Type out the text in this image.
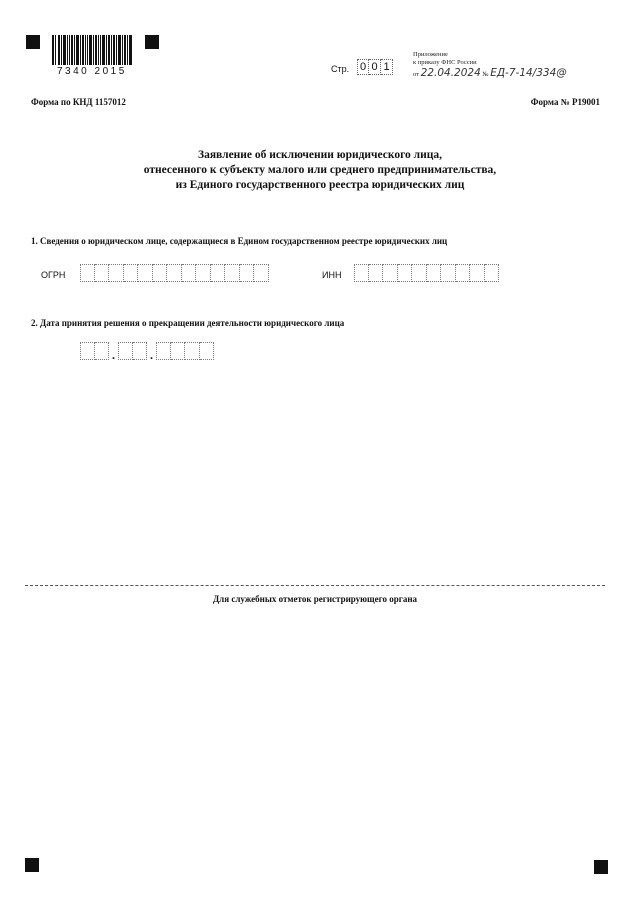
7340 2015	Стр. 0 0 1
Приложение
к приказу ФНС России
от 22.04.2024 № ЕД-7-14/334@
Форма по КНД 1157012	Форма № Р19001
Заявление об исключении юридического лица,
отнесенного к субъекту малого или среднего предпринимательства,
из Единого государственного реестра юридических лиц
1. Сведения о юридическом лице, содержащиеся в Едином государственном реестре юридических лиц
ОГРН	ИНН
2. Дата принятия решения о прекращении деятельности юридического лица
.	.
Для служебных отметок регистрирующего органа
